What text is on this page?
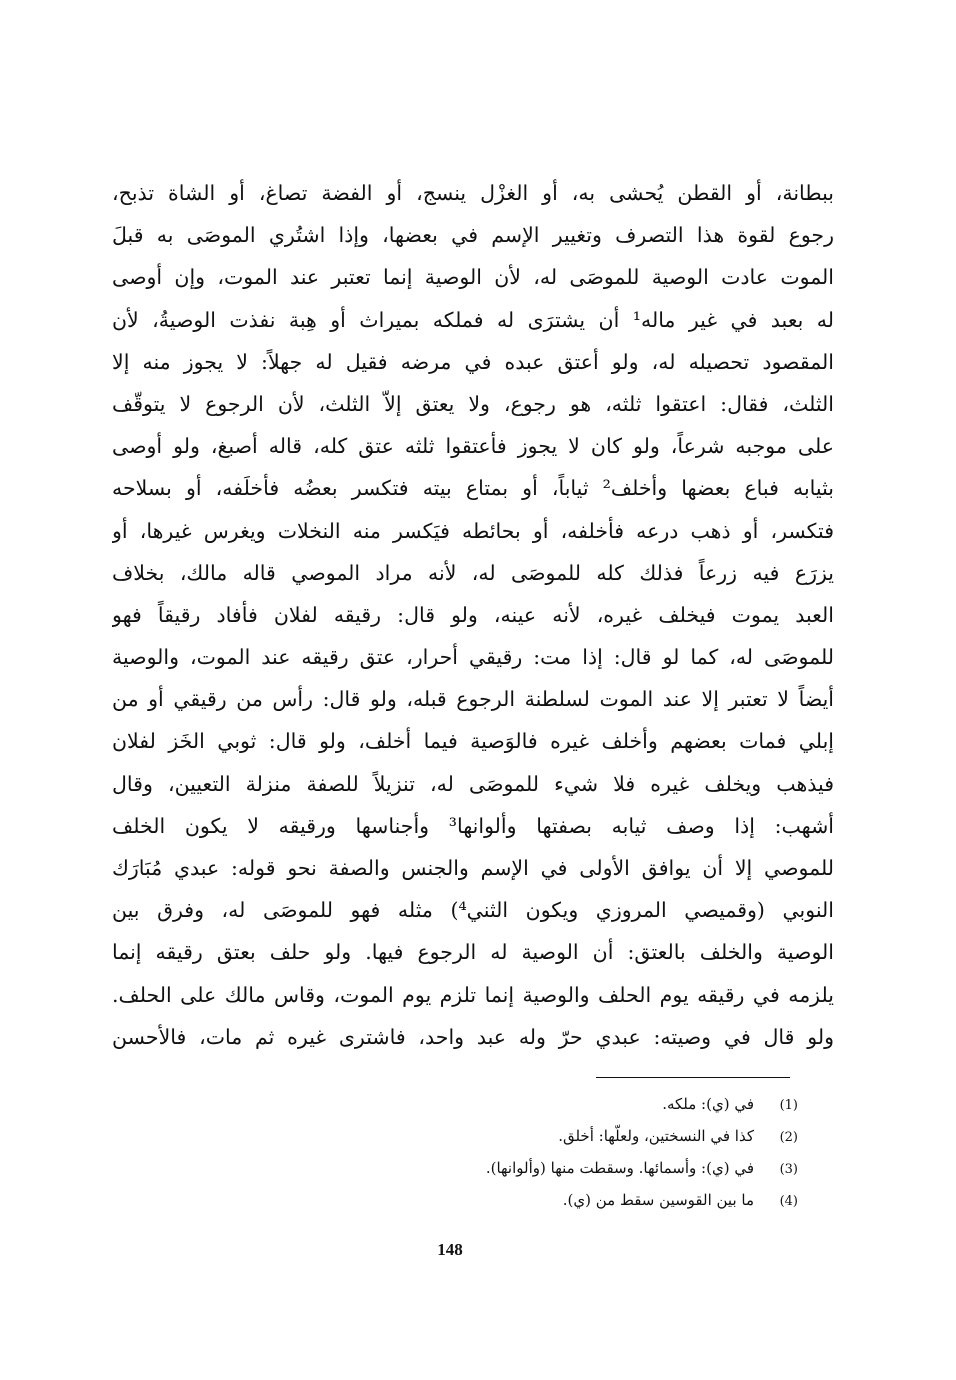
ببطانة، أو القطن يُحشى به، أو الغزْل ينسج، أو الفضة تصاغ، أو الشاة تذبح،
رجوع لقوة هذا التصرف وتغيير الإسم في بعضها، وإذا اشتُري الموصَى به قبلَ
الموت عادت الوصية للموصَى له، لأن الوصية إنما تعتبر عند الموت، وإن أوصى
له بعبد في غير ماله¹ أن يشترَى له فملكه بميراث أو هِبة نفذت الوصيةُ، لأن
المقصود تحصيله له، ولو أعتق عبده في مرضه فقيل له جهلاً: لا يجوز منه إلا
الثلث، فقال: اعتقوا ثلثه، هو رجوع، ولا يعتق إلاّ الثلث، لأن الرجوع لا يتوقّف
على موجبه شرعاً، ولو كان لا يجوز فأعتقوا ثلثه عتق كله، قاله أصبغ، ولو أوصى
بثيابه فباع بعضها وأخلف² ثياباً، أو بمتاع بيته فتكسر بعضُه فأخلَفه، أو بسلاحه
فتكسر، أو ذهب درعه فأخلفه، أو بحائطه فيَكسر منه النخلات ويغرس غيرها، أو
يزرَع فيه زرعاً فذلك كله للموصَى له، لأنه مراد الموصي قاله مالك، بخلاف
العبد يموت فيخلف غيره، لأنه عينه، ولو قال: رقيقه لفلان فأفاد رقيقاً فهو
للموصَى له، كما لو قال: إذا مت: رقيقي أحرار، عتق رقيقه عند الموت، والوصية
أيضاً لا تعتبر إلا عند الموت لسلطنة الرجوع قبله، ولو قال: رأس من رقيقي أو من
إبلي فمات بعضهم وأخلف غيره فالوَصية فيما أخلف، ولو قال: ثوبي الخَز لفلان
فيذهب ويخلف غيره فلا شيء للموصَى له، تنزيلاً للصفة منزلة التعيين، وقال
أشهب: إذا وصف ثيابه بصفتها وألوانها³ وأجناسها ورقيقه لا يكون الخلف
للموصي إلا أن يوافق الأولى في الإسم والجنس والصفة نحو قوله: عبدي مُبَارَك
النوبي (وقميصي المروزي ويكون الثني⁴) مثله فهو للموصَى له، وفرق بين
الوصية والخلف بالعتق: أن الوصية له الرجوع فيها. ولو حلف بعتق رقيقه إنما
يلزمه في رقيقه يوم الحلف والوصية إنما تلزم يوم الموت، وقاس مالك على الحلف.
ولو قال في وصيته: عبدي حرّ وله عبد واحد، فاشترى غيره ثم مات، فالأحسن
(1)
في (ي): ملكه.
(2)
كذا في النسختين، ولعلّها: أخلق.
(3)
في (ي): وأسمائها. وسقطت منها (وألوانها).
(4)
ما بين القوسين سقط من (ي).
148
